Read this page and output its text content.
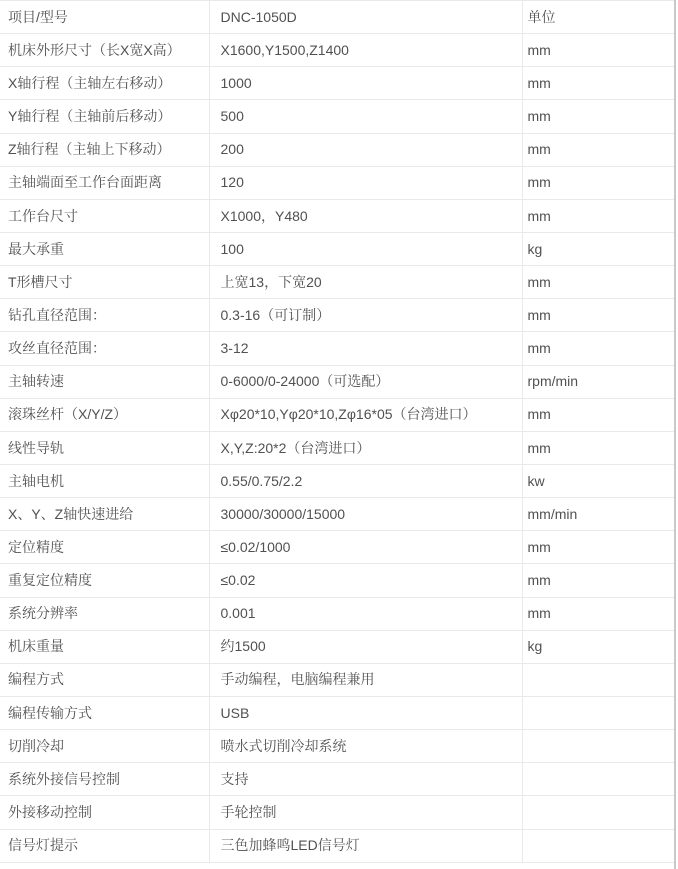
项目/型号	DNC-1050D	单位
机床外形尺寸（长X宽X高）	X1600,Y1500,Z1400	mm
X轴行程（主轴左右移动）	1000	mm
Y轴行程（主轴前后移动）	500	mm
Z轴行程（主轴上下移动）	200	mm
主轴端面至工作台面距离	120	mm
工作台尺寸	X1000，Y480	mm
最大承重	100	kg
T形槽尺寸	上宽13，下宽20	mm
钻孔直径范围：	0.3-16（可订制）	mm
攻丝直径范围：	3-12	mm
主轴转速	0-6000/0-24000（可选配）	rpm/min
滚珠丝杆（X/Y/Z）	Xφ20*10,Yφ20*10,Zφ16*05（台湾进口）	mm
线性导轨	X,Y,Z:20*2（台湾进口）	mm
主轴电机	0.55/0.75/2.2	kw
X、Y、Z轴快速进给	30000/30000/15000	mm/min
定位精度	≤0.02/1000	mm
重复定位精度	≤0.02	mm
系统分辨率	0.001	mm
机床重量	约1500	kg
编程方式	手动编程，电脑编程兼用	
编程传输方式	USB	
切削冷却	喷水式切削冷却系统	
系统外接信号控制	支持	
外接移动控制	手轮控制	
信号灯提示	三色加蜂鸣LED信号灯	
